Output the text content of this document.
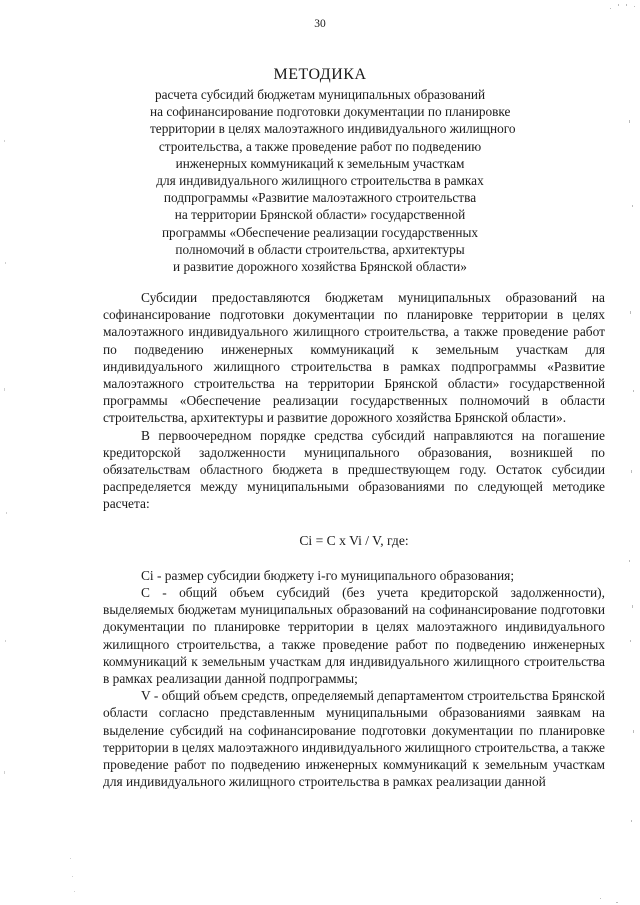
30
МЕТОДИКА
расчета субсидий бюджетам муниципальных образований
на софинансирование подготовки документации по планировке
территории в целях малоэтажного индивидуального жилищного
строительства, а также проведение работ по подведению
инженерных коммуникаций к земельным участкам
для индивидуального жилищного строительства в рамках
подпрограммы «Развитие малоэтажного строительства
на территории Брянской области» государственной
программы «Обеспечение реализации государственных
полномочий в области строительства, архитектуры
и развитие дорожного хозяйства Брянской области»

Субсидии предоставляются бюджетам муниципальных образований на софинансирование подготовки документации по планировке территории в целях малоэтажного индивидуального жилищного строительства, а также проведение работ по подведению инженерных коммуникаций к земельным участкам для индивидуального жилищного строительства в рамках подпрограммы «Развитие малоэтажного строительства на территории Брянской области» государственной программы «Обеспечение реализации государственных полномочий в области строительства, архитектуры и развитие дорожного хозяйства Брянской области».

В первоочередном порядке средства субсидий направляются на погашение кредиторской задолженности муниципального образования, возникшей по обязательствам областного бюджета в предшествующем году. Остаток субсидии распределяется между муниципальными образованиями по следующей методике расчета:

Ci = C x Vi / V, где:

Ci - размер субсидии бюджету i-го муниципального образования;

C - общий объем субсидий (без учета кредиторской задолженности), выделяемых бюджетам муниципальных образований на софинансирование подготовки документации по планировке территории в целях малоэтажного индивидуального жилищного строительства, а также проведение работ по подведению инженерных коммуникаций к земельным участкам для индивидуального жилищного строительства в рамках реализации данной подпрограммы;

V - общий объем средств, определяемый департаментом строительства Брянской области согласно представленным муниципальными образованиями заявкам на выделение субсидий на софинансирование подготовки документации по планировке территории в целях малоэтажного индивидуального жилищного строительства, а также проведение работ по подведению инженерных коммуникаций к земельным участкам для индивидуального жилищного строительства в рамках реализации данной
